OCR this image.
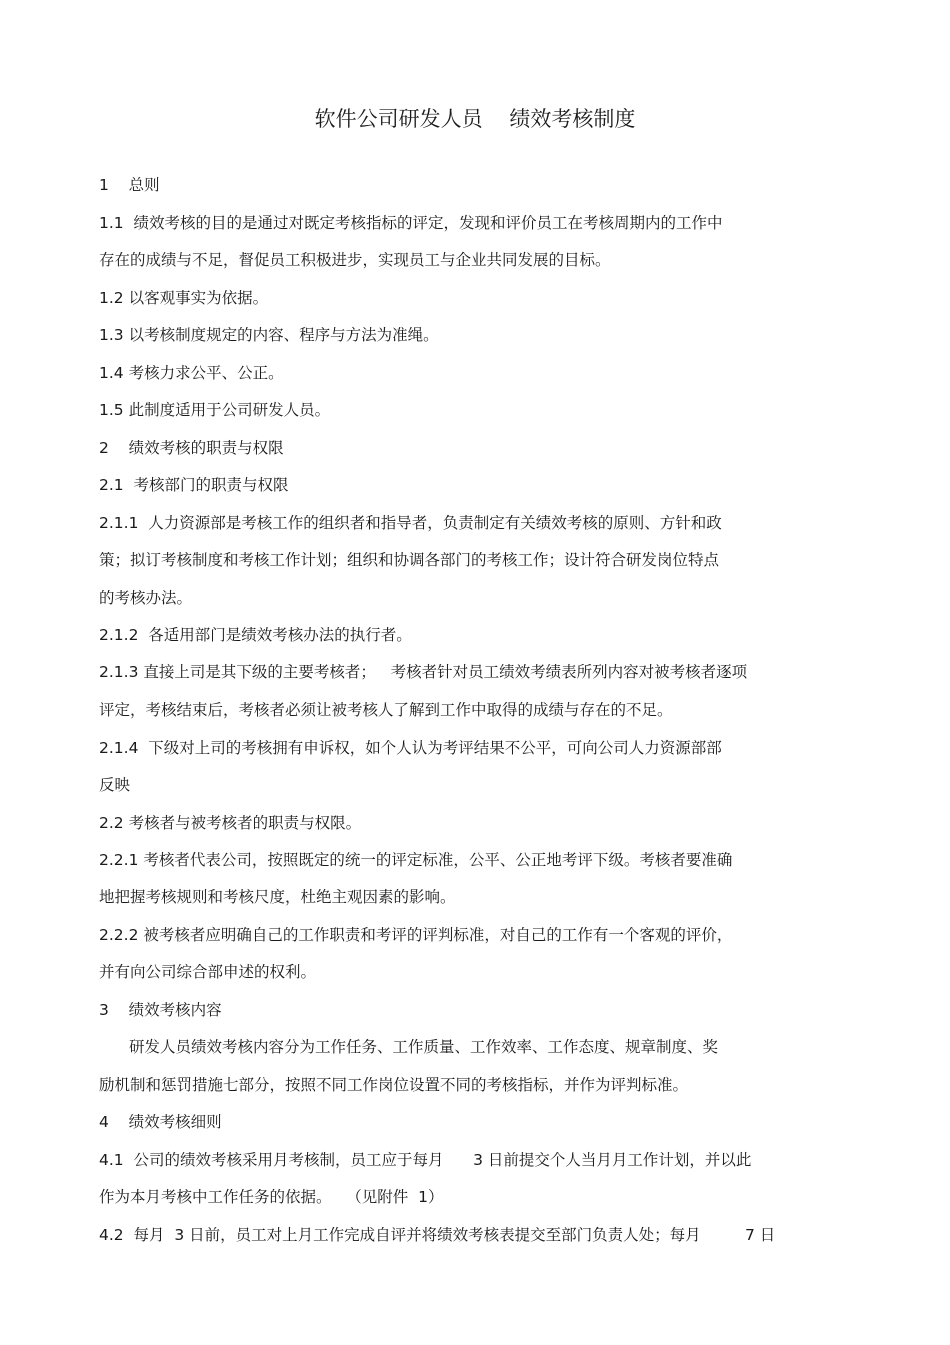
软件公司研发人员    绩效考核制度
1    总则
1.1  绩效考核的目的是通过对既定考核指标的评定，发现和评价员工在考核周期内的工作中
存在的成绩与不足，督促员工积极进步，实现员工与企业共同发展的目标。
1.2 以客观事实为依据。
1.3 以考核制度规定的内容、程序与方法为准绳。
1.4 考核力求公平、公正。
1.5 此制度适用于公司研发人员。
2    绩效考核的职责与权限
2.1  考核部门的职责与权限
2.1.1  人力资源部是考核工作的组织者和指导者，负责制定有关绩效考核的原则、方针和政
策；拟订考核制度和考核工作计划；组织和协调各部门的考核工作；设计符合研发岗位特点
的考核办法。
2.1.2  各适用部门是绩效考核办法的执行者。
2.1.3 直接上司是其下级的主要考核者；   考核者针对员工绩效考绩表所列内容对被考核者逐项
评定，考核结束后，考核者必须让被考核人了解到工作中取得的成绩与存在的不足。
2.1.4  下级对上司的考核拥有申诉权，如个人认为考评结果不公平，可向公司人力资源部部
反映
2.2 考核者与被考核者的职责与权限。
2.2.1 考核者代表公司，按照既定的统一的评定标准，公平、公正地考评下级。考核者要准确
地把握考核规则和考核尺度，杜绝主观因素的影响。
2.2.2 被考核者应明确自己的工作职责和考评的评判标准，对自己的工作有一个客观的评价，
并有向公司综合部申述的权利。
3    绩效考核内容
研发人员绩效考核内容分为工作任务、工作质量、工作效率、工作态度、规章制度、奖
励机制和惩罚措施七部分，按照不同工作岗位设置不同的考核指标，并作为评判标准。
4    绩效考核细则
4.1  公司的绩效考核采用月考核制，员工应于每月      3 日前提交个人当月月工作计划，并以此
作为本月考核中工作任务的依据。   （见附件  1）
4.2  每月  3 日前，员工对上月工作完成自评并将绩效考核表提交至部门负责人处；每月         7 日
